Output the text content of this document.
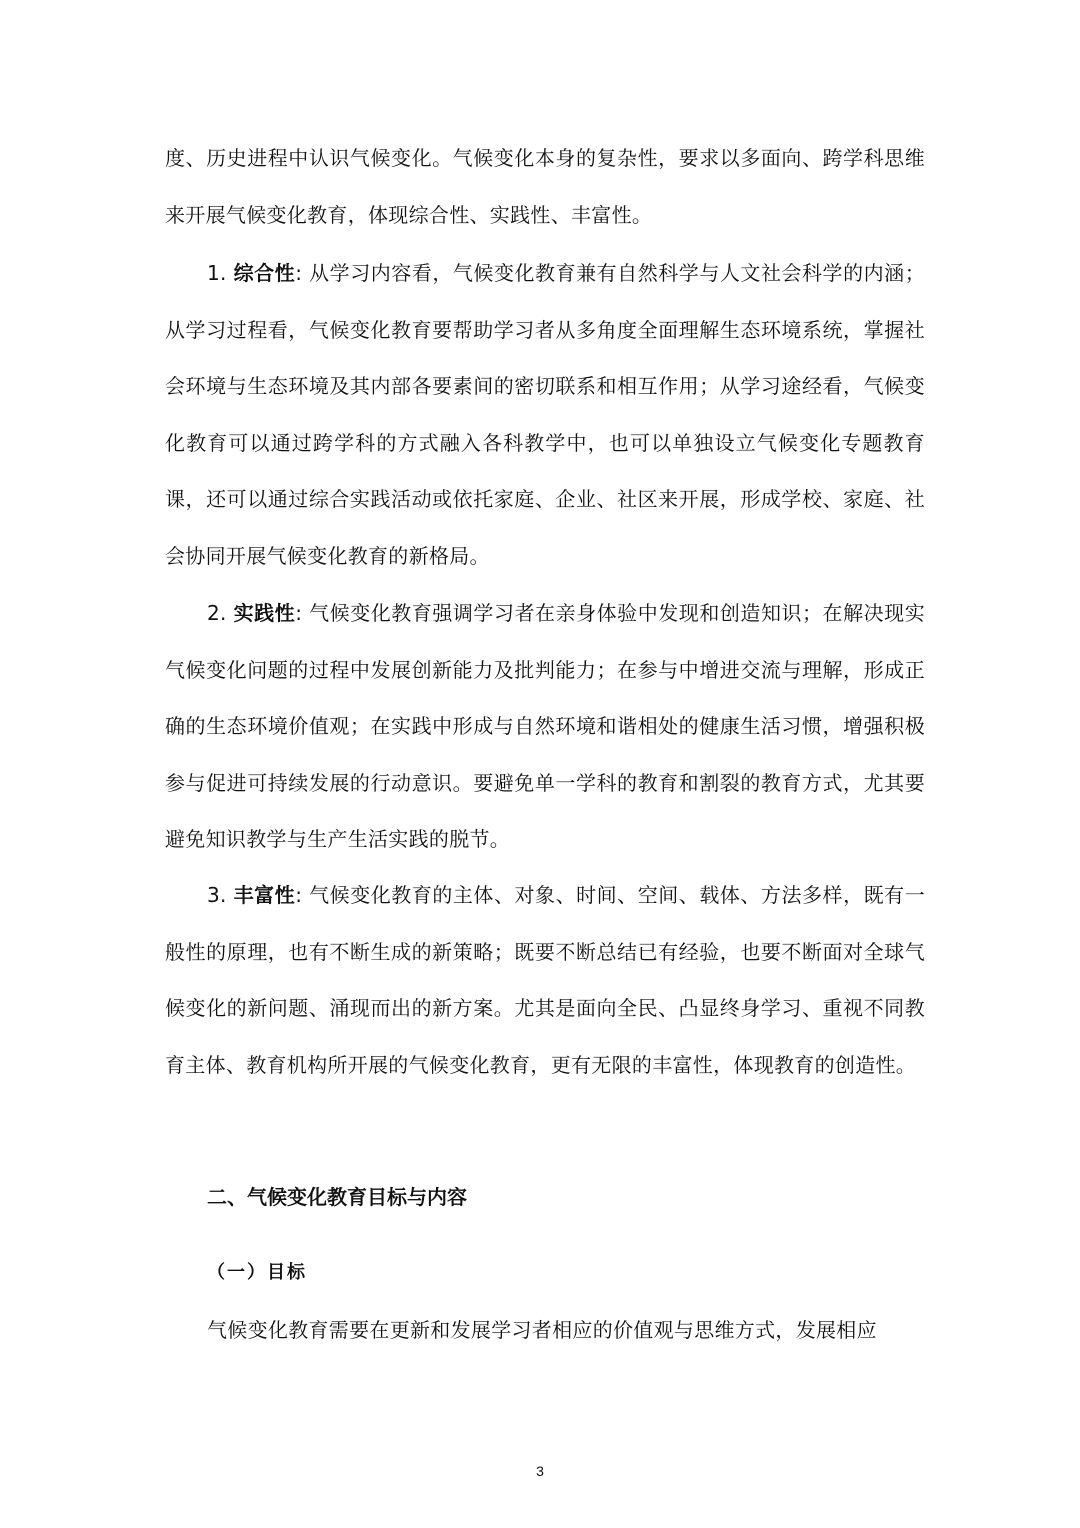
度、历史进程中认识气候变化。气候变化本身的复杂性，要求以多面向、跨学科思维来开展气候变化教育，体现综合性、实践性、丰富性。
1. 综合性: 从学习内容看，气候变化教育兼有自然科学与人文社会科学的内涵；从学习过程看，气候变化教育要帮助学习者从多角度全面理解生态环境系统，掌握社会环境与生态环境及其内部各要素间的密切联系和相互作用；从学习途经看，气候变化教育可以通过跨学科的方式融入各科教学中，也可以单独设立气候变化专题教育课，还可以通过综合实践活动或依托家庭、企业、社区来开展，形成学校、家庭、社会协同开展气候变化教育的新格局。
2. 实践性: 气候变化教育强调学习者在亲身体验中发现和创造知识；在解决现实气候变化问题的过程中发展创新能力及批判能力；在参与中增进交流与理解，形成正确的生态环境价值观；在实践中形成与自然环境和谐相处的健康生活习惯，增强积极参与促进可持续发展的行动意识。要避免单一学科的教育和割裂的教育方式，尤其要避免知识教学与生产生活实践的脱节。
3. 丰富性: 气候变化教育的主体、对象、时间、空间、载体、方法多样，既有一般性的原理，也有不断生成的新策略；既要不断总结已有经验，也要不断面对全球气候变化的新问题、涌现而出的新方案。尤其是面向全民、凸显终身学习、重视不同教育主体、教育机构所开展的气候变化教育，更有无限的丰富性，体现教育的创造性。
二、气候变化教育目标与内容
（一）目标
气候变化教育需要在更新和发展学习者相应的价值观与思维方式，发展相应
3
